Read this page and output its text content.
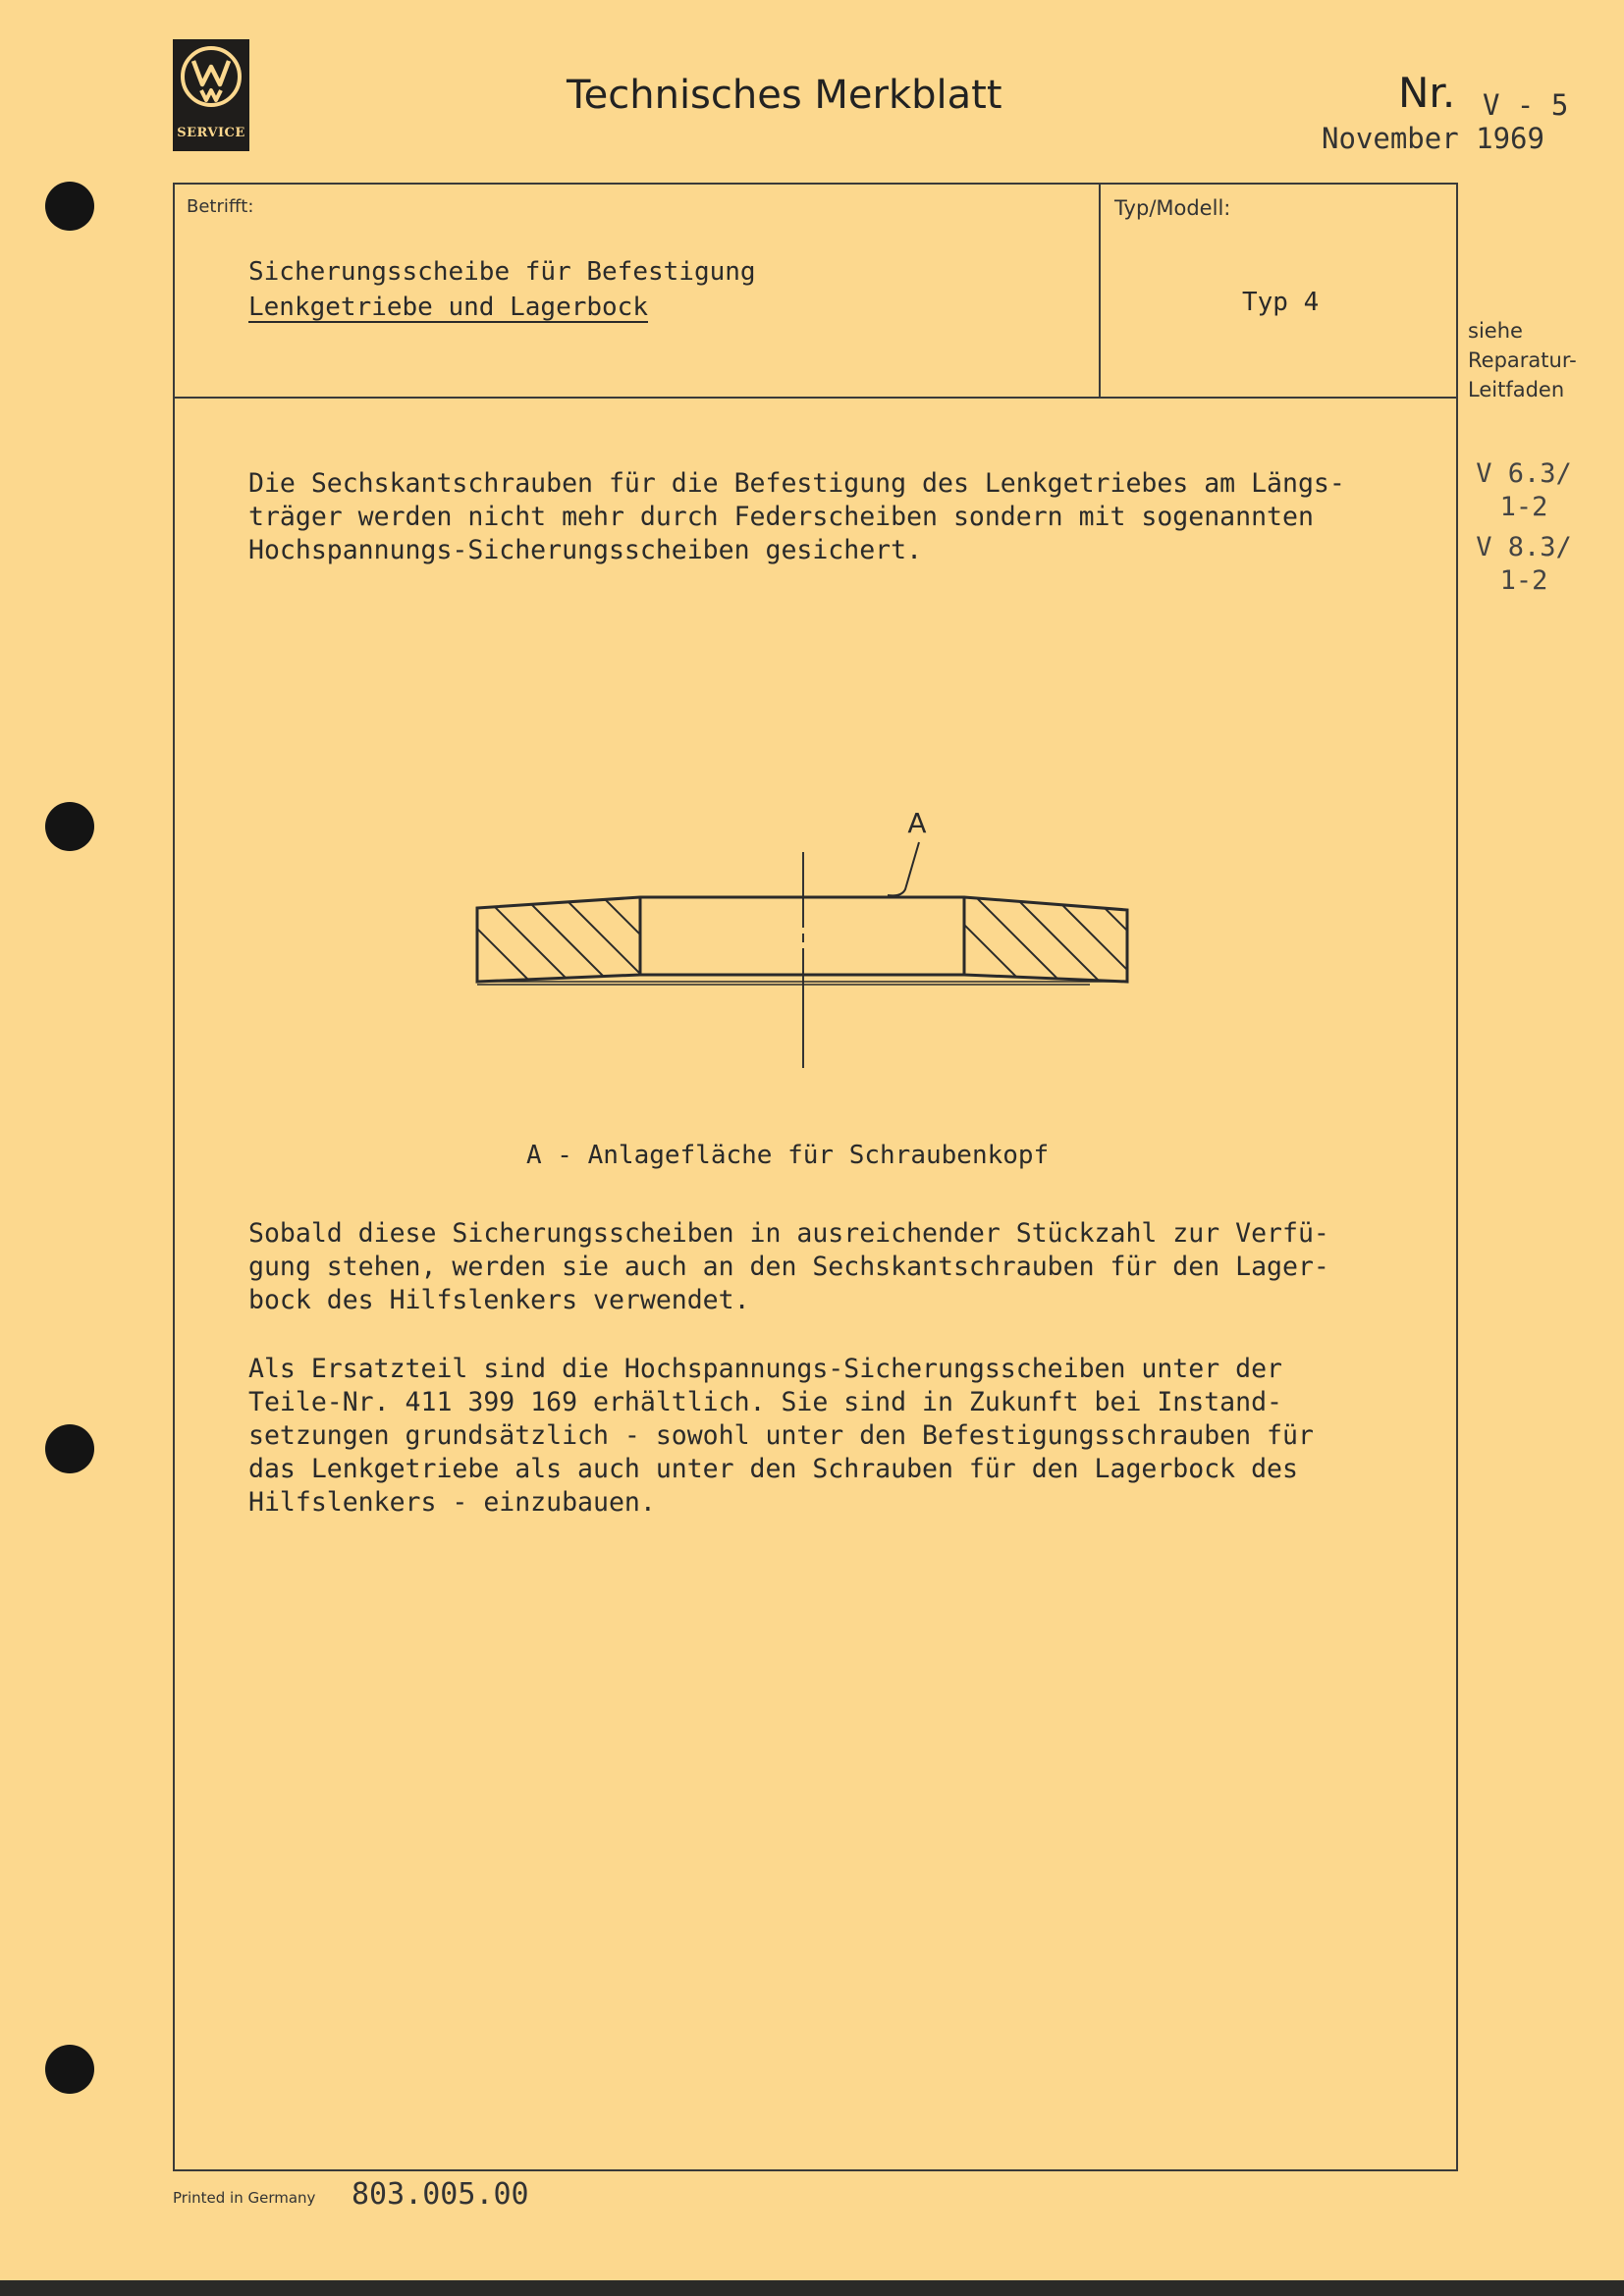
SERVICE
Technisches Merkblatt	Nr. V - 5
November 1969
Betrifft:	Typ/Modell:
Sicherungsscheibe für Befestigung
Lenkgetriebe und Lagerbock	Typ 4
siehe
Reparatur-
Leitfaden
V 6.3/
1-2
V 8.3/
1-2
Die Sechskantschrauben für die Befestigung des Lenkgetriebes am Längs-
träger werden nicht mehr durch Federscheiben sondern mit sogenannten
Hochspannungs-Sicherungsscheiben gesichert.
A
A - Anlagefläche für Schraubenkopf
Sobald diese Sicherungsscheiben in ausreichender Stückzahl zur Verfü-
gung stehen, werden sie auch an den Sechskantschrauben für den Lager-
bock des Hilfslenkers verwendet.
Als Ersatzteil sind die Hochspannungs-Sicherungsscheiben unter der
Teile-Nr. 411 399 169 erhältlich. Sie sind in Zukunft bei Instand-
setzungen grundsätzlich - sowohl unter den Befestigungsschrauben für
das Lenkgetriebe als auch unter den Schrauben für den Lagerbock des
Hilfslenkers - einzubauen.
Printed in Germany 803.005.00
